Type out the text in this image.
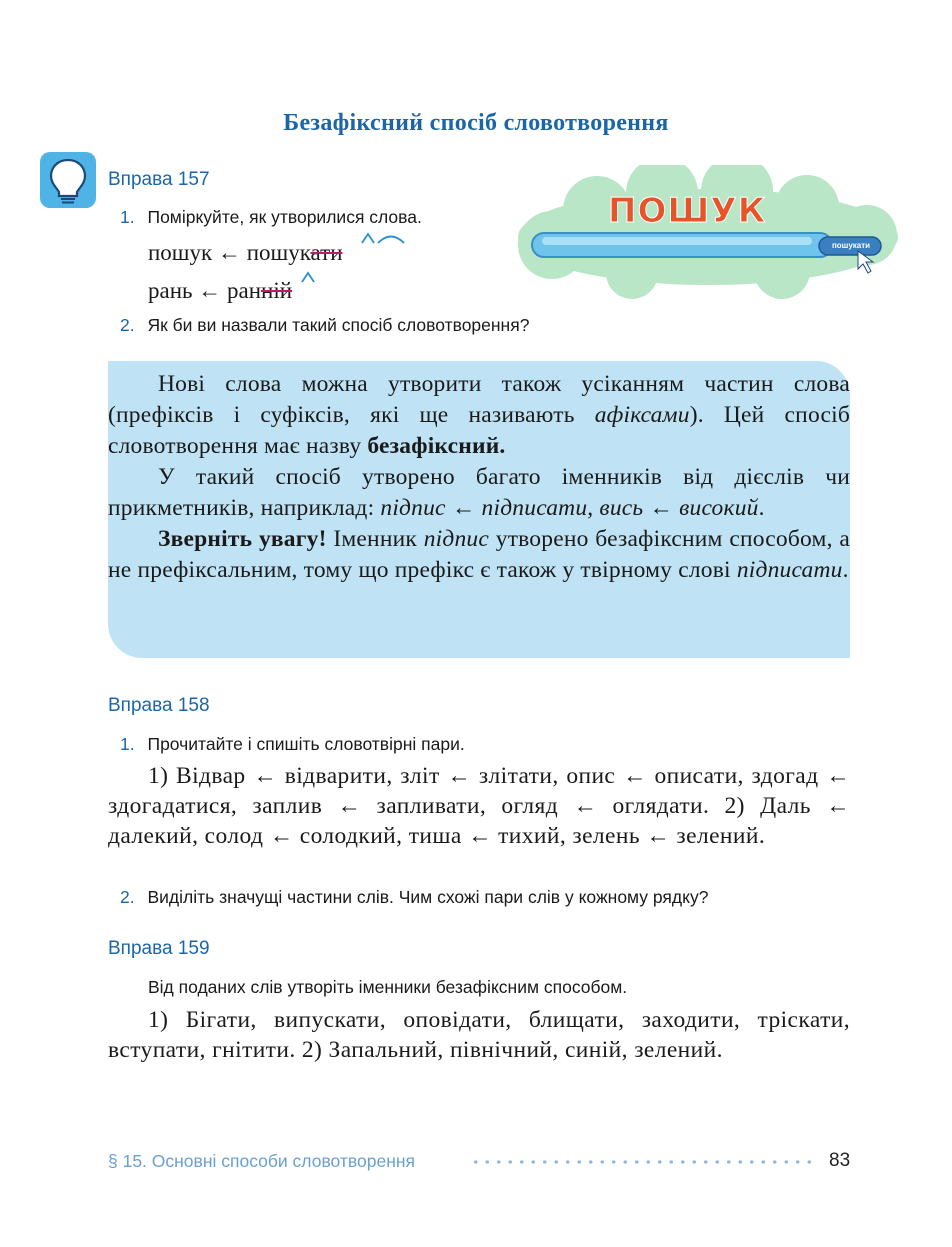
Безафіксний спосіб словотворення
Вправа 157
1. Поміркуйте, як утворилися слова.
пошук ← пошукати
рань ← ранній
2. Як би ви назвали такий спосіб словотворення?
ПОШУК
пошукати

Нові слова можна утворити також усіканням частин слова (префіксів і суфіксів, які ще називають афіксами). Цей спосіб словотворення має назву безафіксний.

У такий спосіб утворено багато іменників від дієслів чи прикметників, наприклад: підпис ← підписати, вись ← високий.

Зверніть увагу! Іменник підпис утворено безафіксним способом, а не префіксальним, тому що префікс є також у твірному слові підписати.

Вправа 158
1. Прочитайте і спишіть словотвірні пари.
1) Відвар ← відварити, зліт ← злітати, опис ← описати, здогад ← здогадатися, заплив ← запливати, огляд ← оглядати. 2) Даль ← далекий, солод ← солодкий, тиша ← тихий, зелень ← зелений.
2. Виділіть значущі частини слів. Чим схожі пари слів у кожному рядку?
Вправа 159
Від поданих слів утворіть іменники безафіксним способом.
1) Бігати, випускати, оповідати, блищати, заходити, тріскати, вступати, гнітити. 2) Запальний, північний, синій, зелений.
§ 15. Основні способи словотворення	83
